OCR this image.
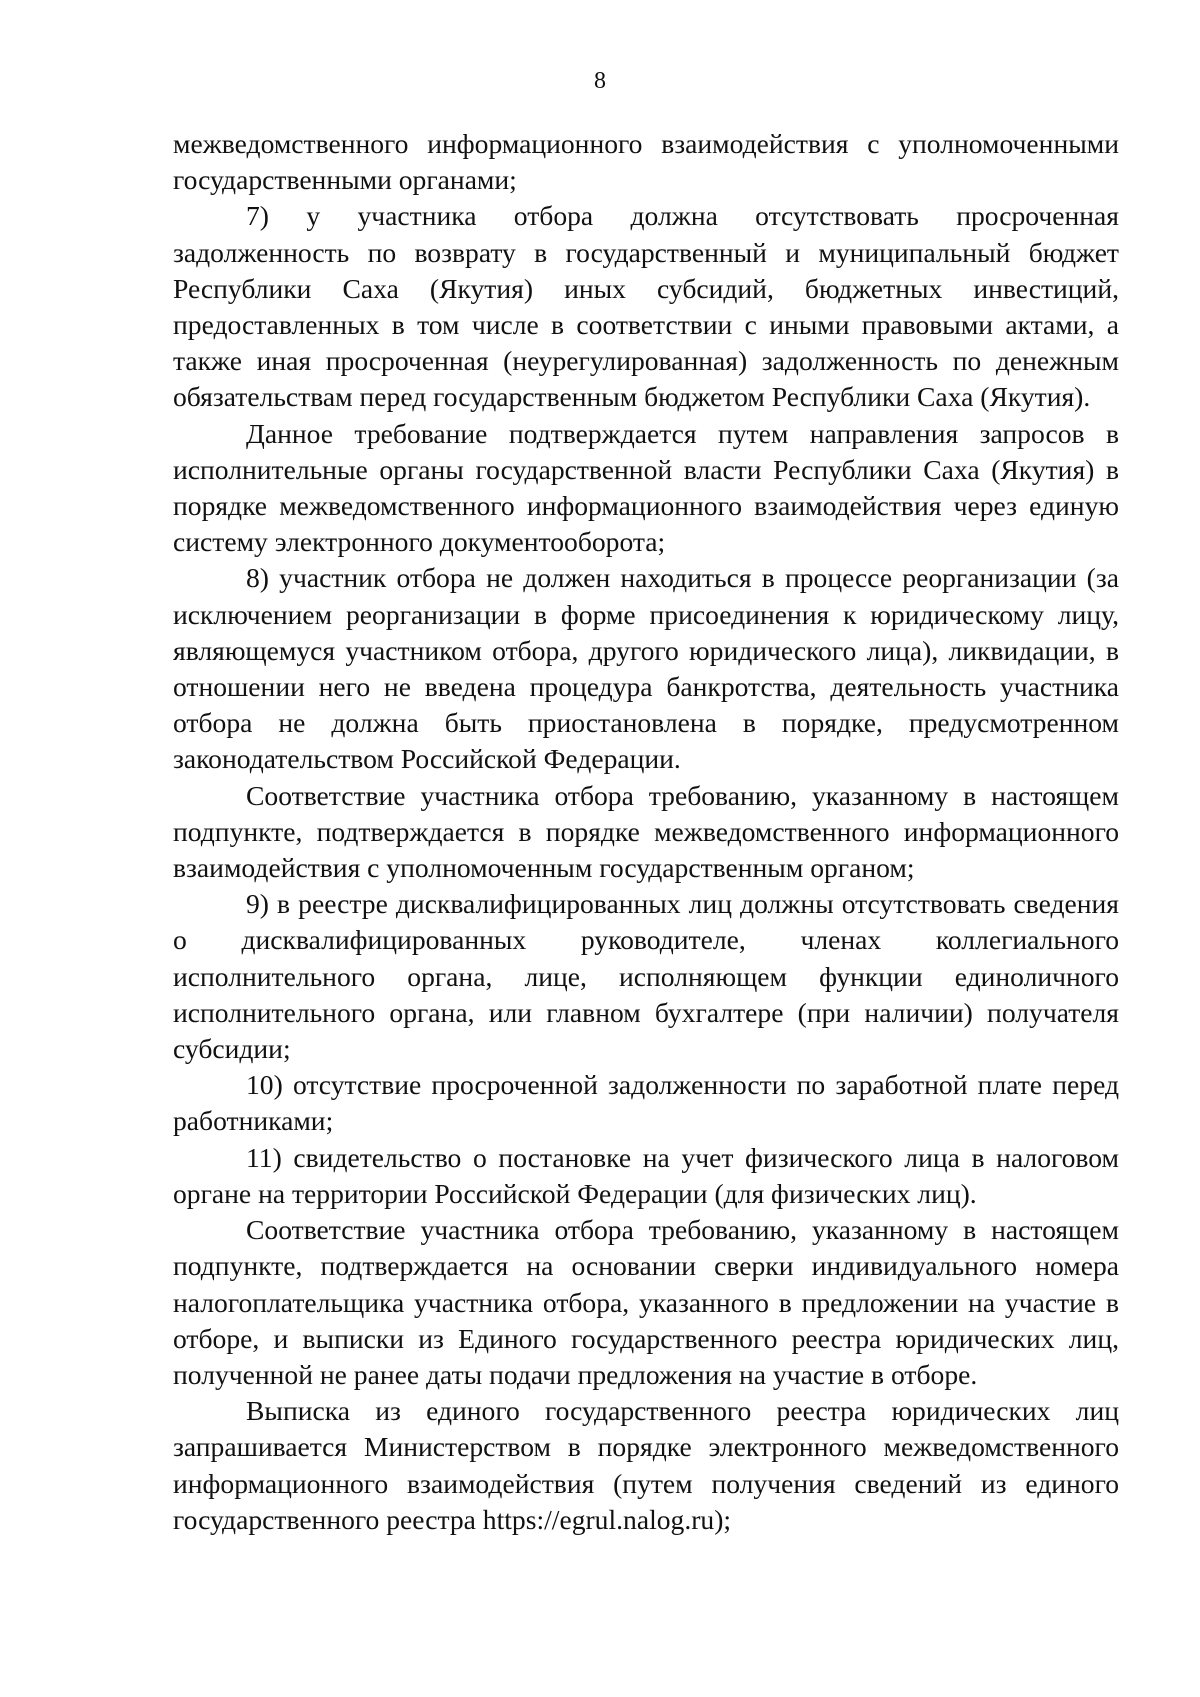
8

межведомственного информационного взаимодействия с уполномоченными государственными органами;

7) у участника отбора должна отсутствовать просроченная задолженность по возврату в государственный и муниципальный бюджет Республики Саха (Якутия) иных субсидий, бюджетных инвестиций, предоставленных в том числе в соответствии с иными правовыми актами, а также иная просроченная (неурегулированная) задолженность по денежным обязательствам перед государственным бюджетом Республики Саха (Якутия).

Данное требование подтверждается путем направления запросов в исполнительные органы государственной власти Республики Саха (Якутия) в порядке межведомственного информационного взаимодействия через единую систему электронного документооборота;

8) участник отбора не должен находиться в процессе реорганизации (за исключением реорганизации в форме присоединения к юридическому лицу, являющемуся участником отбора, другого юридического лица), ликвидации, в отношении него не введена процедура банкротства, деятельность участника отбора не должна быть приостановлена в порядке, предусмотренном законодательством Российской Федерации.

Соответствие участника отбора требованию, указанному в настоящем подпункте, подтверждается в порядке межведомственного информационного взаимодействия с уполномоченным государственным органом;

9) в реестре дисквалифицированных лиц должны отсутствовать сведения о дисквалифицированных руководителе, членах коллегиального исполнительного органа, лице, исполняющем функции единоличного исполнительного органа, или главном бухгалтере (при наличии) получателя субсидии;

10) отсутствие просроченной задолженности по заработной плате перед работниками;

11) свидетельство о постановке на учет физического лица в налоговом органе на территории Российской Федерации (для физических лиц).

Соответствие участника отбора требованию, указанному в настоящем подпункте, подтверждается на основании сверки индивидуального номера налогоплательщика участника отбора, указанного в предложении на участие в отборе, и выписки из Единого государственного реестра юридических лиц, полученной не ранее даты подачи предложения на участие в отборе.

Выписка из единого государственного реестра юридических лиц запрашивается Министерством в порядке электронного межведомственного информационного взаимодействия (путем получения сведений из единого государственного реестра https://egrul.nalog.ru);
